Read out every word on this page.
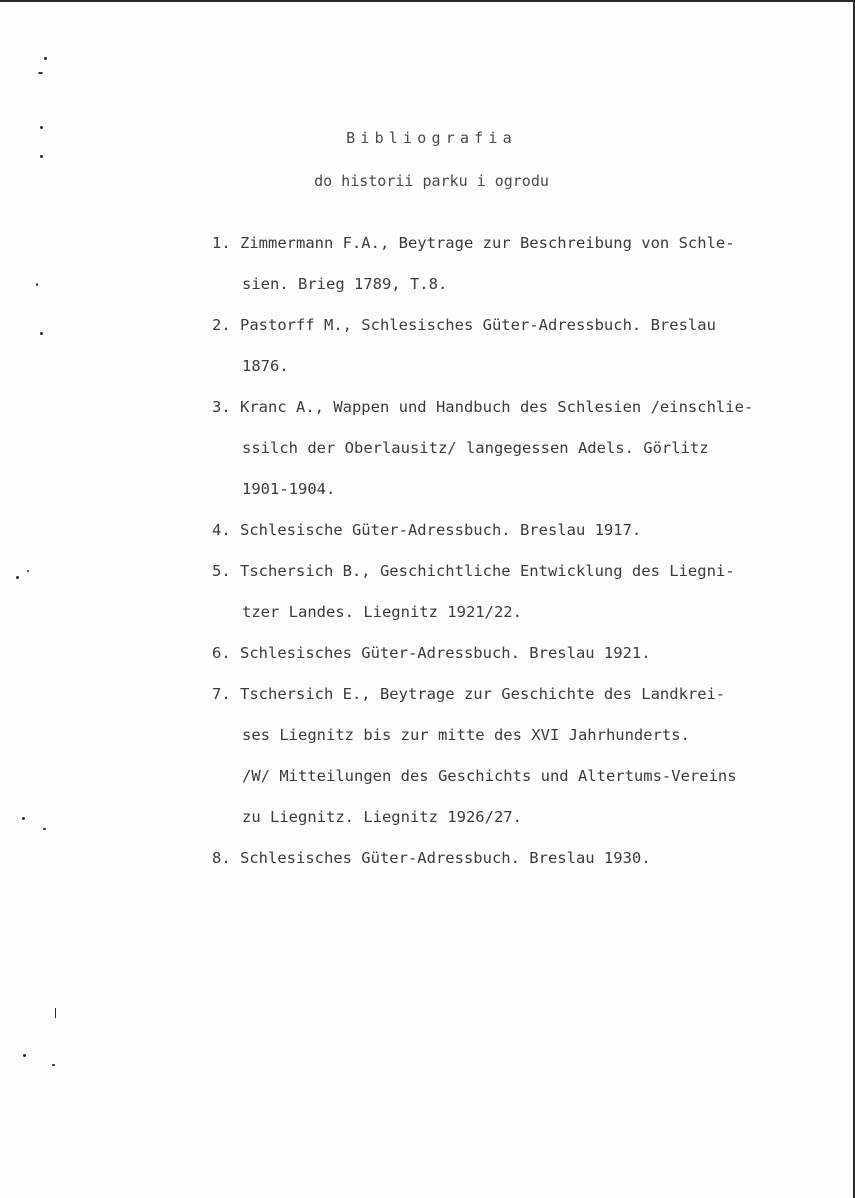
Bibliografia
do historii parku i ogrodu
1. Zimmermann F.A., Beytrage zur Beschreibung von Schle-
sien. Brieg 1789, T.8.
2. Pastorff M., Schlesisches Güter-Adressbuch. Breslau
1876.
3. Kranc A., Wappen und Handbuch des Schlesien /einschlie-
ssilch der Oberlausitz/ langegessen Adels. Görlitz
1901-1904.
4. Schlesische Güter-Adressbuch. Breslau 1917.
5. Tschersich B., Geschichtliche Entwicklung des Liegni-
tzer Landes. Liegnitz 1921/22.
6. Schlesisches Güter-Adressbuch. Breslau 1921.
7. Tschersich E., Beytrage zur Geschichte des Landkrei-
ses Liegnitz bis zur mitte des XVI Jahrhunderts.
/W/ Mitteilungen des Geschichts und Altertums-Vereins
zu Liegnitz. Liegnitz 1926/27.
8. Schlesisches Güter-Adressbuch. Breslau 1930.
